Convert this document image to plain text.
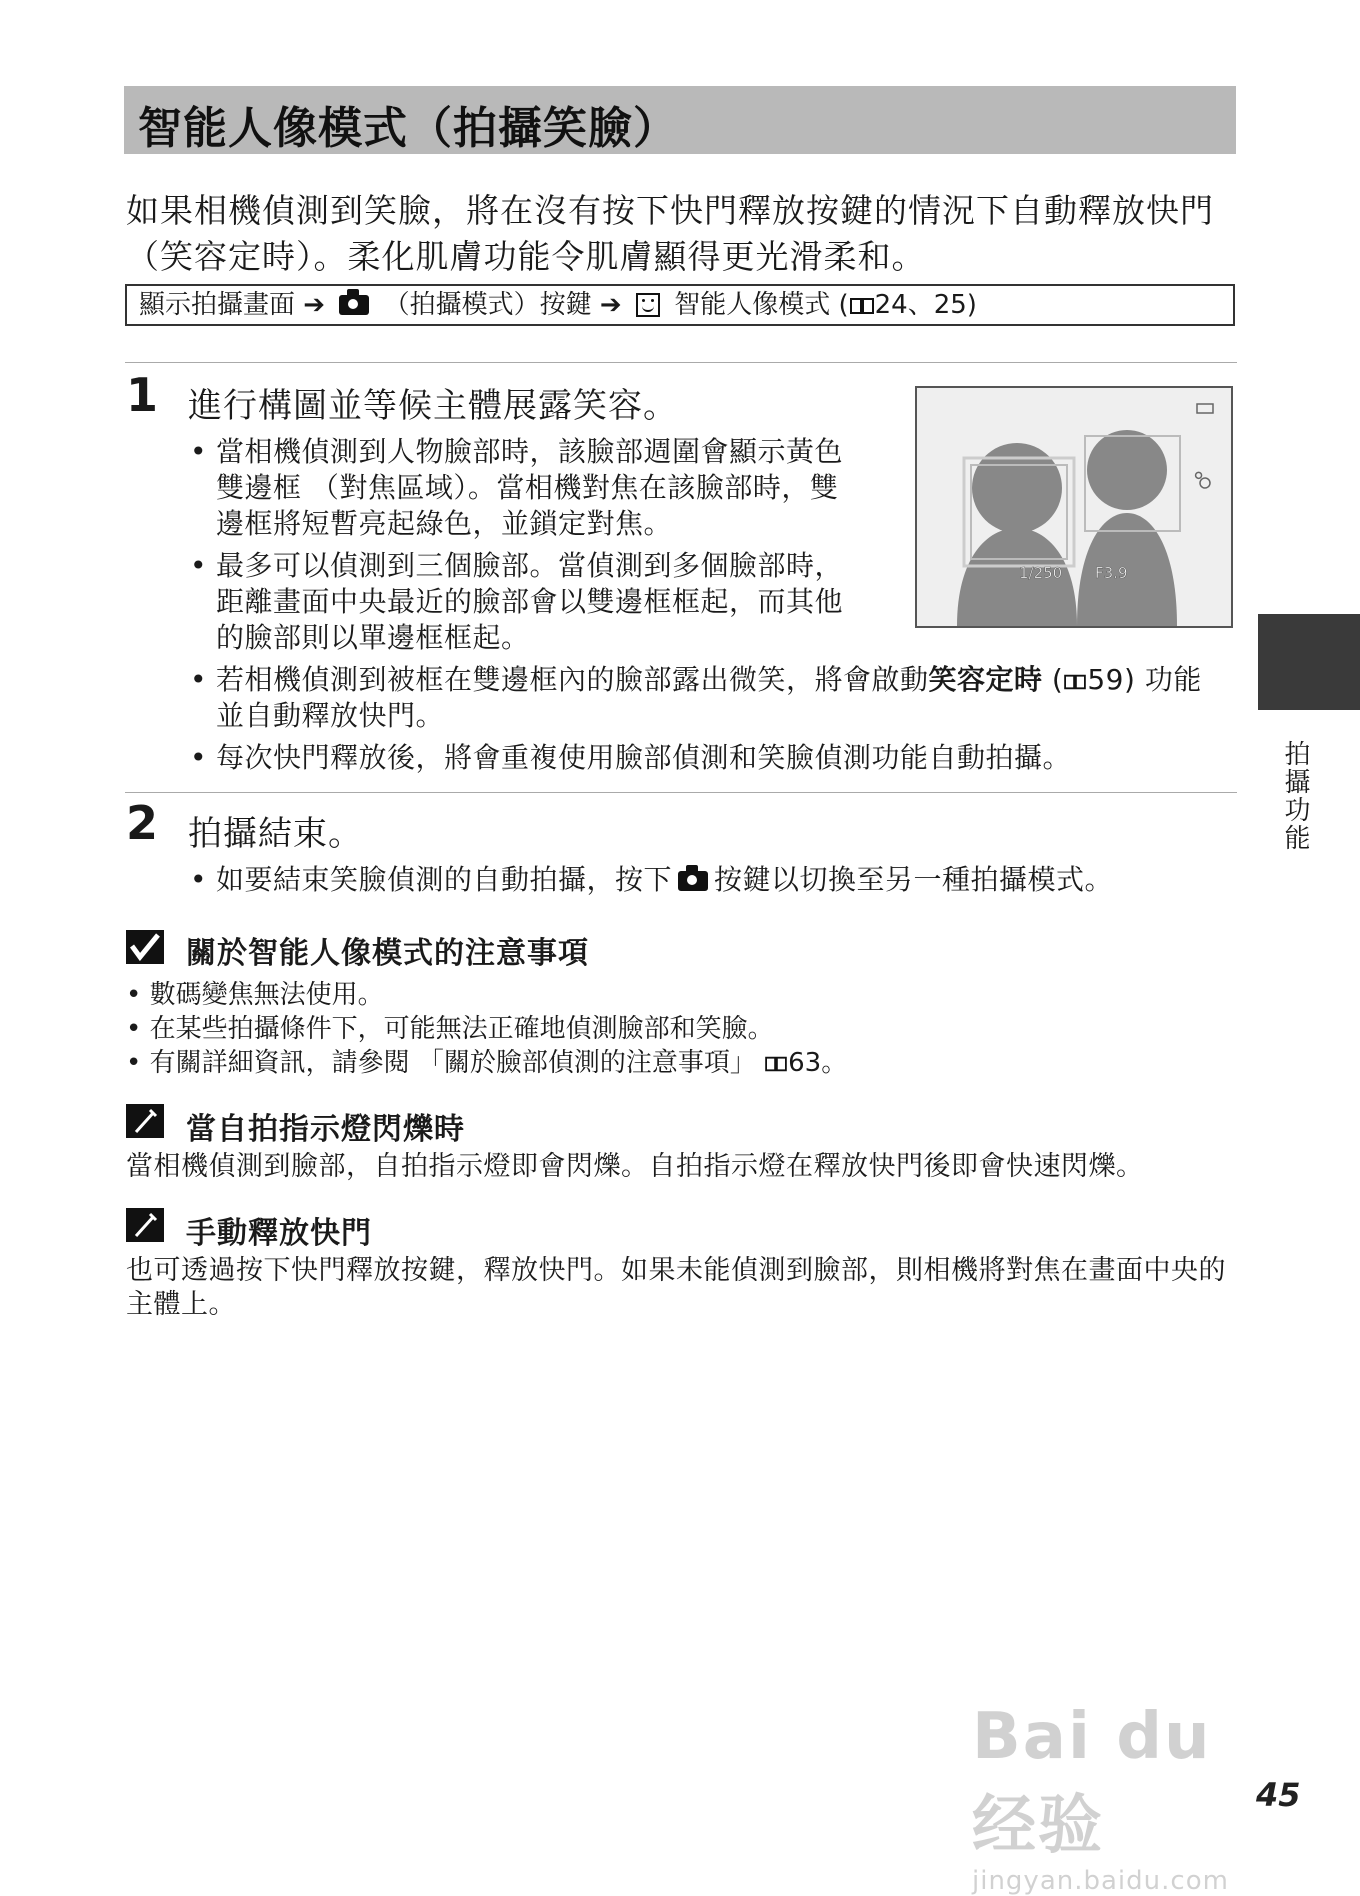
智能人像模式（拍攝笑臉）
如果相機偵測到笑臉，將在沒有按下快門釋放按鍵的情況下自動釋放快門
（笑容定時）。柔化肌膚功能令肌膚顯得更光滑柔和。
顯示拍攝畫面 ➔ （拍攝模式）按鍵 ➔ 智能人像模式 ( 24、25)
1 進行構圖並等候主體展露笑容。
• 當相機偵測到人物臉部時，該臉部週圍會顯示黃色
雙邊框 （對焦區域）。當相機對焦在該臉部時，雙
邊框將短暫亮起綠色，並鎖定對焦。
• 最多可以偵測到三個臉部。當偵測到多個臉部時，
距離畫面中央最近的臉部會以雙邊框框起，而其他
的臉部則以單邊框框起。
• 若相機偵測到被框在雙邊框內的臉部露出微笑，將會啟動笑容定時 ( 59) 功能
並自動釋放快門。
• 每次快門釋放後，將會重複使用臉部偵測和笑臉偵測功能自動拍攝。
1/250 F3.9
2 拍攝結束。
• 如要結束笑臉偵測的自動拍攝，按下 按鍵以切換至另一種拍攝模式。
關於智能人像模式的注意事項
• 數碼變焦無法使用。
• 在某些拍攝條件下，可能無法正確地偵測臉部和笑臉。
• 有關詳細資訊，請參閱 「關於臉部偵測的注意事項」 63。
當自拍指示燈閃爍時
當相機偵測到臉部，自拍指示燈即會閃爍。自拍指示燈在釋放快門後即會快速閃爍。
手動釋放快門
也可透過按下快門釋放按鍵，釋放快門。如果未能偵測到臉部，則相機將對焦在畫面中央的
主體上。
拍攝功能
Bai du 经验
jingyan.baidu.com
45
